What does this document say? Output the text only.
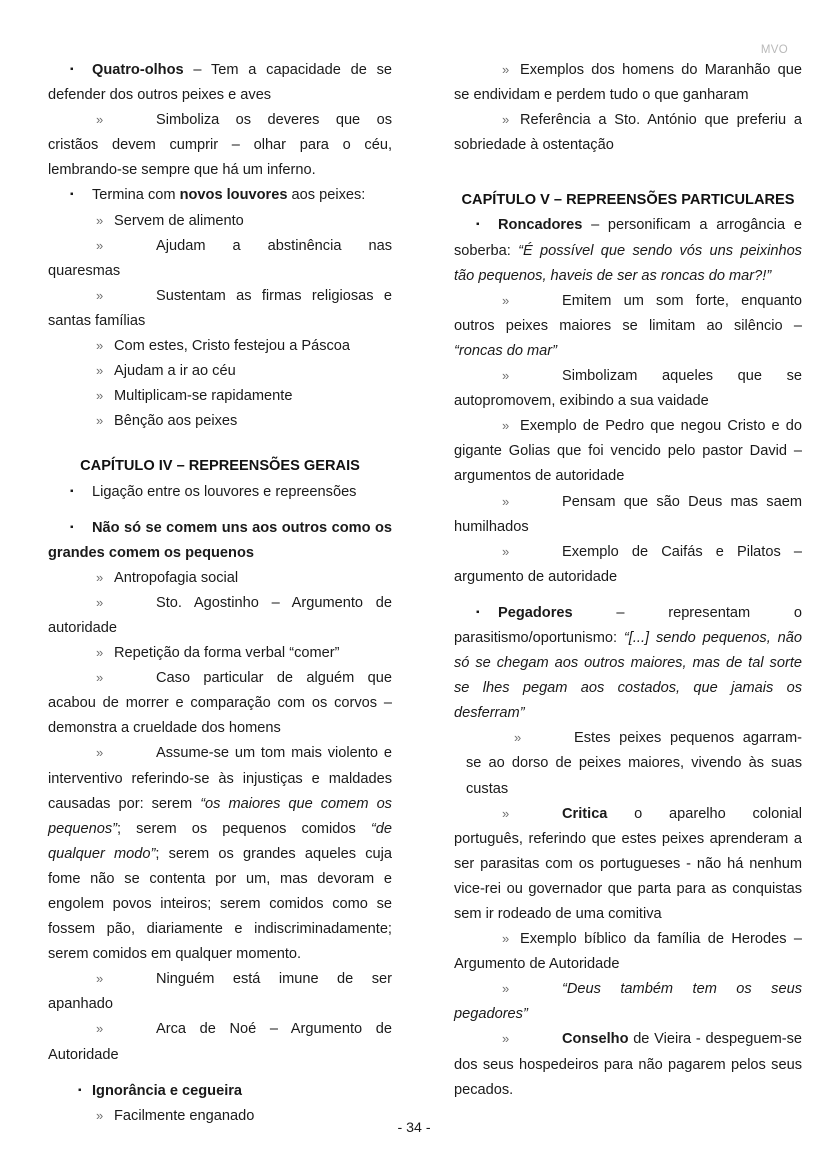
MVO
▪ Quatro-olhos – Tem a capacidade de se defender dos outros peixes e aves
»	Simboliza os deveres que os cristãos devem cumprir – olhar para o céu, lembrando-se sempre que há um inferno.
▪ Termina com novos louvores aos peixes:
» Servem de alimento
»	Ajudam a abstinência nas quaresmas
»	Sustentam as firmas religiosas e santas famílias
» Com estes, Cristo festejou a Páscoa
» Ajudam a ir ao céu
» Multiplicam-se rapidamente
» Bênção aos peixes
CAPÍTULO IV – REPREENSÕES GERAIS
▪ Ligação entre os louvores e repreensões
▪ Não só se comem uns aos outros como os grandes comem os pequenos
» Antropofagia social
»	Sto. Agostinho – Argumento de autoridade
» Repetição da forma verbal “comer”
»	Caso particular de alguém que acabou de morrer e comparação com os corvos – demonstra a crueldade dos homens
»	Assume-se um tom mais violento e interventivo referindo-se às injustiças e maldades causadas por: serem “os maiores que comem os pequenos”; serem os pequenos comidos “de qualquer modo”; serem os grandes aqueles cuja fome não se contenta por um, mas devoram e engolem povos inteiros; serem comidos como se fossem pão, diariamente e indiscriminadamente; serem comidos em qualquer momento.
»	Ninguém está imune de ser apanhado
»	Arca de Noé – Argumento de Autoridade
▪ Ignorância e cegueira
» Facilmente enganado
» Exemplos dos homens do Maranhão que se endividam e perdem tudo o que ganharam
» Referência a Sto. António que preferiu a sobriedade à ostentação
CAPÍTULO V – REPREENSÕES PARTICULARES
▪ Roncadores – personificam a arrogância e soberba: “É possível que sendo vós uns peixinhos tão pequenos, haveis de ser as roncas do mar?!”
»	Emitem um som forte, enquanto outros peixes maiores se limitam ao silêncio – “roncas do mar”
»	Simbolizam aqueles que se autopromovem, exibindo a sua vaidade
» Exemplo de Pedro que negou Cristo e do gigante Golias que foi vencido pelo pastor David – argumentos de autoridade
»	Pensam que são Deus mas saem humilhados
»	Exemplo de Caifás e Pilatos – argumento de autoridade
▪ Pegadores – representam o parasitismo/oportunismo: “[...] sendo pequenos, não só se chegam aos outros maiores, mas de tal sorte se lhes pegam aos costados, que jamais os desferram”
»	Estes peixes pequenos agarram-se ao dorso de peixes maiores, vivendo às suas custas
»	Critica o aparelho colonial português, referindo que estes peixes aprenderam a ser parasitas com os portugueses - não há nenhum vice-rei ou governador que parta para as conquistas sem ir rodeado de uma comitiva
» Exemplo bíblico da família de Herodes – Argumento de Autoridade
»	“Deus também tem os seus pegadores”
»	Conselho de Vieira - despeguem-se dos seus hospedeiros para não pagarem pelos seus pecados.
- 34 -
